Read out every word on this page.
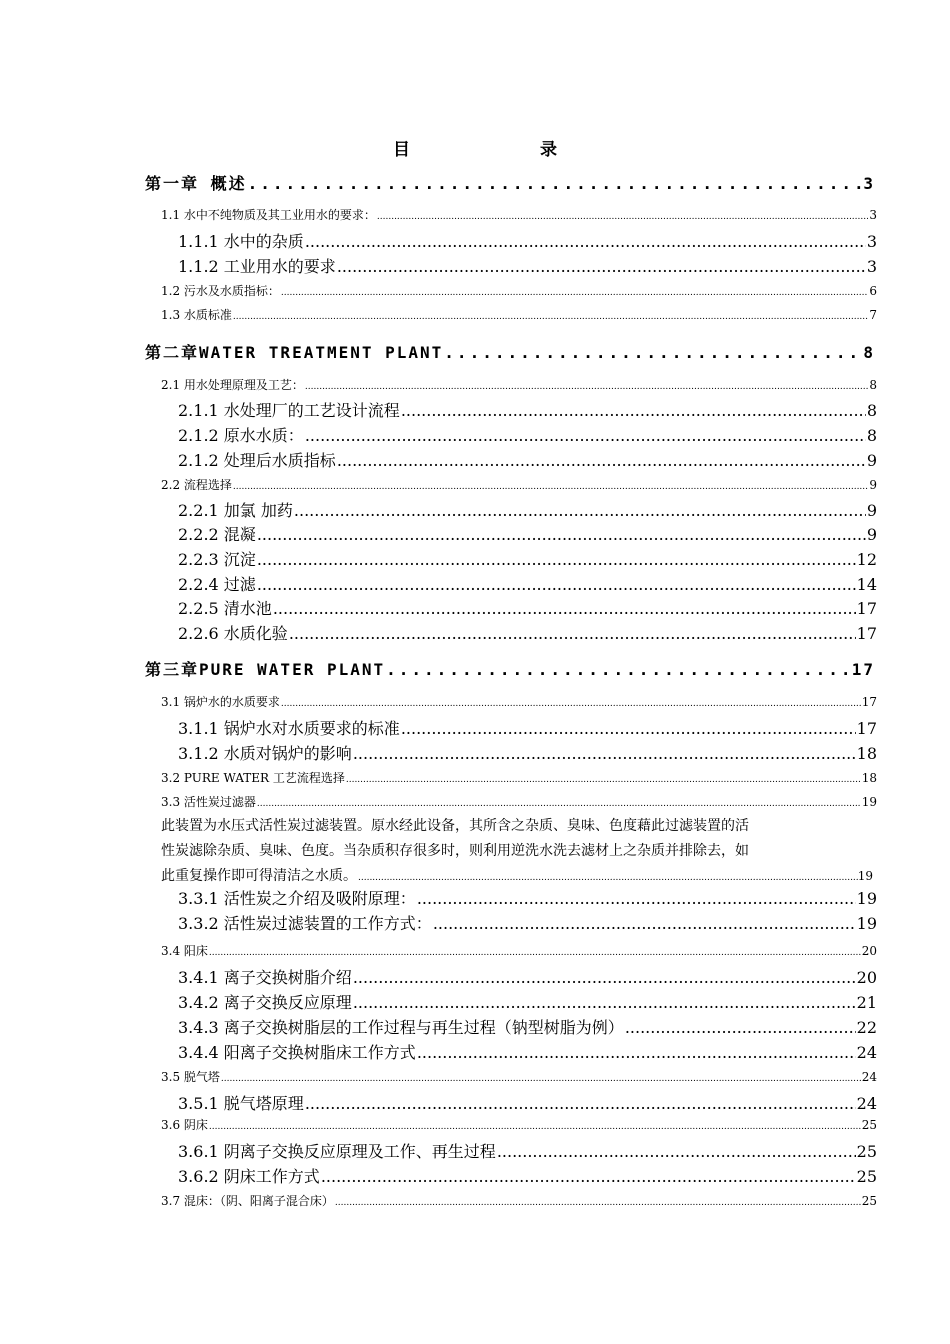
目 录
第一章 概述 .....	3
1.1 水中不纯物质及其工业用水的要求： .....	3
1.1.1 水中的杂质 .....	3
1.1.2 工业用水的要求 .....	3
1.2 污水及水质指标： .....	6
1.3 水质标准 .....	7
第二章WATER TREATMENT PLANT .....	8
2.1 用水处理原理及工艺： .....	8
2.1.1 水处理厂的工艺设计流程 .....	8
2.1.2 原水水质： .....	8
2.1.2 处理后水质指标 .....	9
2.2 流程选择 .....	9
2.2.1 加氯 加药 .....	9
2.2.2 混凝 .....	9
2.2.3 沉淀 .....	12
2.2.4 过滤 .....	14
2.2.5 清水池 .....	17
2.2.6 水质化验 .....	17
第三章PURE WATER PLANT .....	17
3.1 锅炉水的水质要求 .....	17
3.1.1 锅炉水对水质要求的标准 .....	17
3.1.2 水质对锅炉的影响 .....	18
3.2 PURE WATER 工艺流程选择 .....	18
3.3 活性炭过滤器 .....	19
3.3.1 活性炭之介绍及吸附原理： .....	19
3.3.2 活性炭过滤装置的工作方式： .....	19
3.4 阳床 .....	20
3.4.1 离子交换树脂介绍 .....	20
3.4.2 离子交换反应原理 .....	21
3.4.3 离子交换树脂层的工作过程与再生过程（钠型树脂为例） .....	22
3.4.4 阳离子交换树脂床工作方式 .....	24
3.5 脱气塔 .....	24
3.5.1 脱气塔原理 .....	24
3.6 阴床 .....	25
3.6.1 阴离子交换反应原理及工作、再生过程 .....	25
3.6.2 阴床工作方式 .....	25
3.7 混床：（阴、阳离子混合床） .....	25
此装置为水压式活性炭过滤装置。原水经此设备，其所含之杂质、臭味、色度藉此过滤装置的活
性炭滤除杂质、臭味、色度。当杂质积存很多时，则利用逆洗水洗去滤材上之杂质并排除去，如
此重复操作即可得清洁之水质。 .....	19
